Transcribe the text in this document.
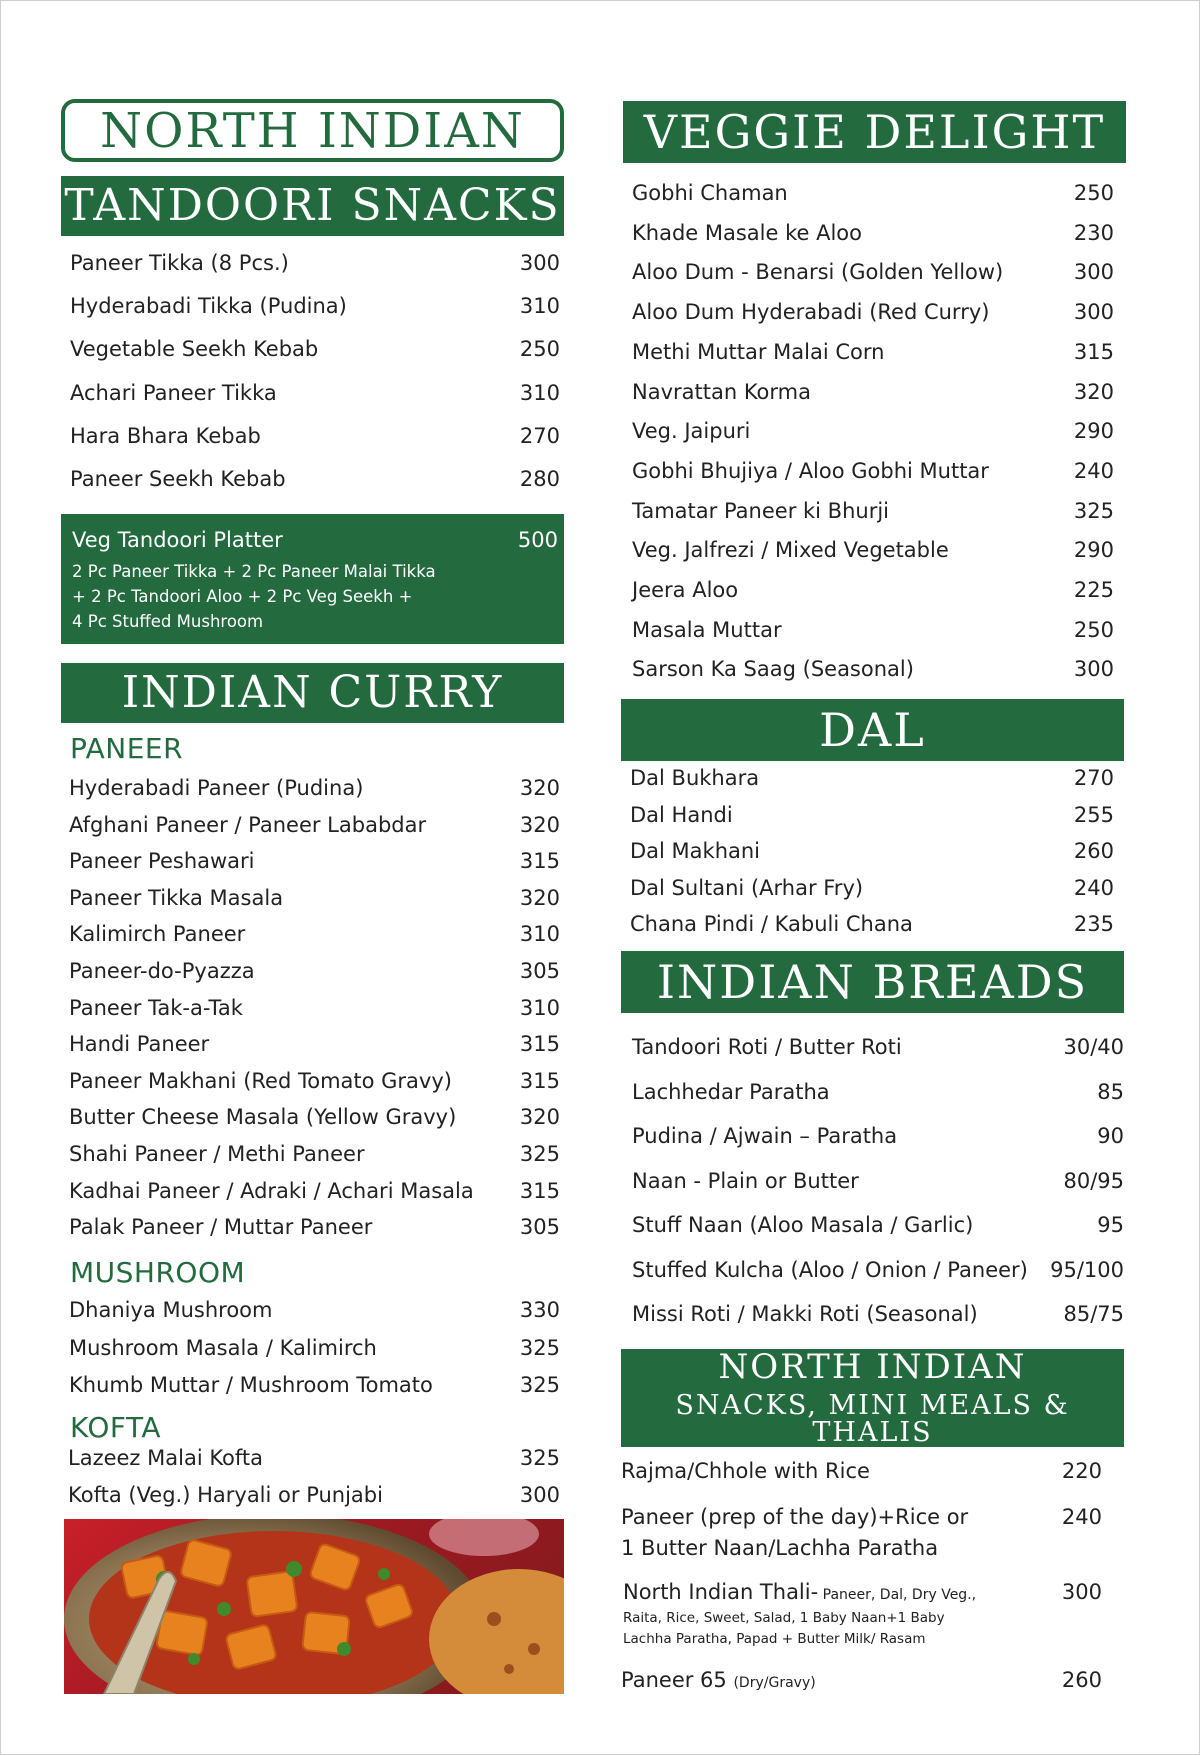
NORTH INDIAN
TANDOORI SNACKS
Paneer Tikka (8 Pcs.)	300
Hyderabadi Tikka (Pudina)	310
Vegetable Seekh Kebab	250
Achari Paneer Tikka	310
Hara Bhara Kebab	270
Paneer Seekh Kebab	280
Veg Tandoori Platter	500
2 Pc Paneer Tikka + 2 Pc Paneer Malai Tikka
+ 2 Pc Tandoori Aloo + 2 Pc Veg Seekh +
4 Pc Stuffed Mushroom
INDIAN CURRY
PANEER
Hyderabadi Paneer (Pudina)	320
Afghani Paneer / Paneer Lababdar	320
Paneer Peshawari	315
Paneer Tikka Masala	320
Kalimirch Paneer	310
Paneer-do-Pyazza	305
Paneer Tak-a-Tak	310
Handi Paneer	315
Paneer Makhani (Red Tomato Gravy)	315
Butter Cheese Masala (Yellow Gravy)	320
Shahi Paneer / Methi Paneer	325
Kadhai Paneer / Adraki / Achari Masala 315
Palak Paneer / Muttar Paneer	305
MUSHROOM
Dhaniya Mushroom	330
Mushroom Masala / Kalimirch	325
Khumb Muttar / Mushroom Tomato	325
KOFTA
Lazeez Malai Kofta	325
Kofta (Veg.) Haryali or Punjabi	300
VEGGIE DELIGHT
Gobhi Chaman	250
Khade Masale ke Aloo	230
Aloo Dum - Benarsi (Golden Yellow)	300
Aloo Dum Hyderabadi (Red Curry)	300
Methi Muttar Malai Corn	315
Navrattan Korma	320
Veg. Jaipuri	290
Gobhi Bhujiya / Aloo Gobhi Muttar	240
Tamatar Paneer ki Bhurji	325
Veg. Jalfrezi / Mixed Vegetable	290
Jeera Aloo	225
Masala Muttar	250
Sarson Ka Saag (Seasonal)	300
DAL
Dal Bukhara	270
Dal Handi	255
Dal Makhani	260
Dal Sultani (Arhar Fry)	240
Chana Pindi / Kabuli Chana	235
INDIAN BREADS
Tandoori Roti / Butter Roti	30/40
Lachhedar Paratha	85
Pudina / Ajwain – Paratha	90
Naan - Plain or Butter	80/95
Stuff Naan (Aloo Masala / Garlic)	95
Stuffed Kulcha (Aloo / Onion / Paneer) 95/100
Missi Roti / Makki Roti (Seasonal)	85/75
NORTH INDIAN
SNACKS, MINI MEALS & THALIS
Rajma/Chhole with Rice	220
Paneer (prep of the day)+Rice or	240
1 Butter Naan/Lachha Paratha
North Indian Thali- Paneer, Dal, Dry Veg.,	300
Raita, Rice, Sweet, Salad, 1 Baby Naan+1 Baby
Lachha Paratha, Papad + Butter Milk/ Rasam
Paneer 65 (Dry/Gravy)	260
